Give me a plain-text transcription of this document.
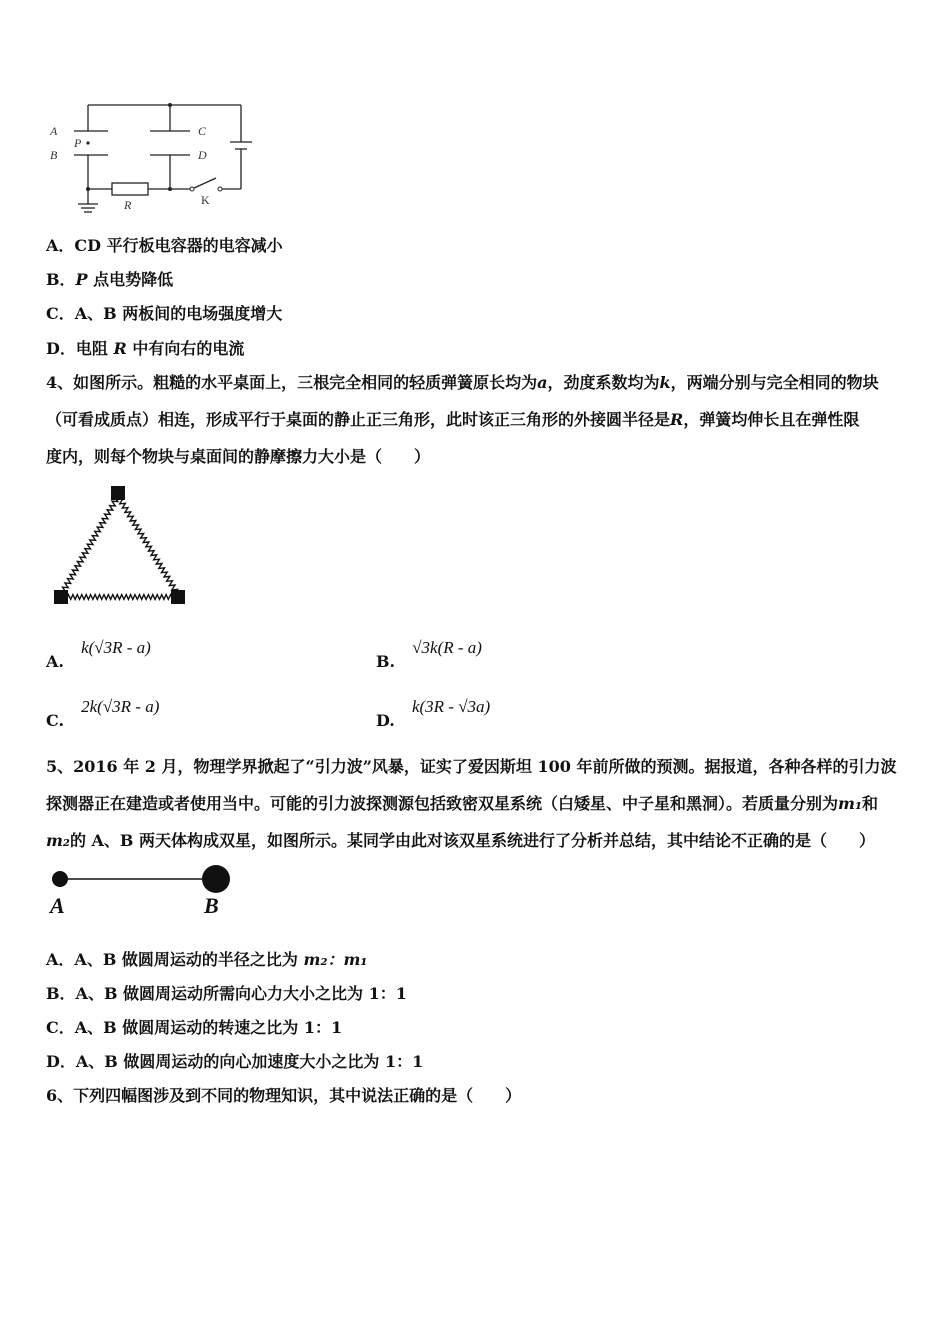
A
B
P
C
D
R	K
A．CD 平行板电容器的电容减小
B．P 点电势降低
C．A、B 两板间的电场强度增大
D．电阻 R 中有向右的电流
4、如图所示。粗糙的水平桌面上，三根完全相同的轻质弹簧原长均为a，劲度系数均为k，两端分别与完全相同的物块
（可看成质点）相连，形成平行于桌面的静止正三角形，此时该正三角形的外接圆半径是R，弹簧均伸长且在弹性限
度内，则每个物块与桌面间的静摩擦力大小是（　　）
A. k(√3R - a)
B. √3k(R - a)
C. 2k(√3R - a)
D. k(3R - √3a)
5、2016 年 2 月，物理学界掀起了“引力波”风暴，证实了爱因斯坦 100 年前所做的预测。据报道，各种各样的引力波
探测器正在建造或者使用当中。可能的引力波探测源包括致密双星系统（白矮星、中子星和黑洞）。若质量分别为m₁和
m₂的 A、B 两天体构成双星，如图所示。某同学由此对该双星系统进行了分析并总结，其中结论不正确的是（　　）
A	B
A．A、B 做圆周运动的半径之比为 m₂：m₁
B．A、B 做圆周运动所需向心力大小之比为 1：1
C．A、B 做圆周运动的转速之比为 1：1
D．A、B 做圆周运动的向心加速度大小之比为 1：1
6、下列四幅图涉及到不同的物理知识，其中说法正确的是（　　）
